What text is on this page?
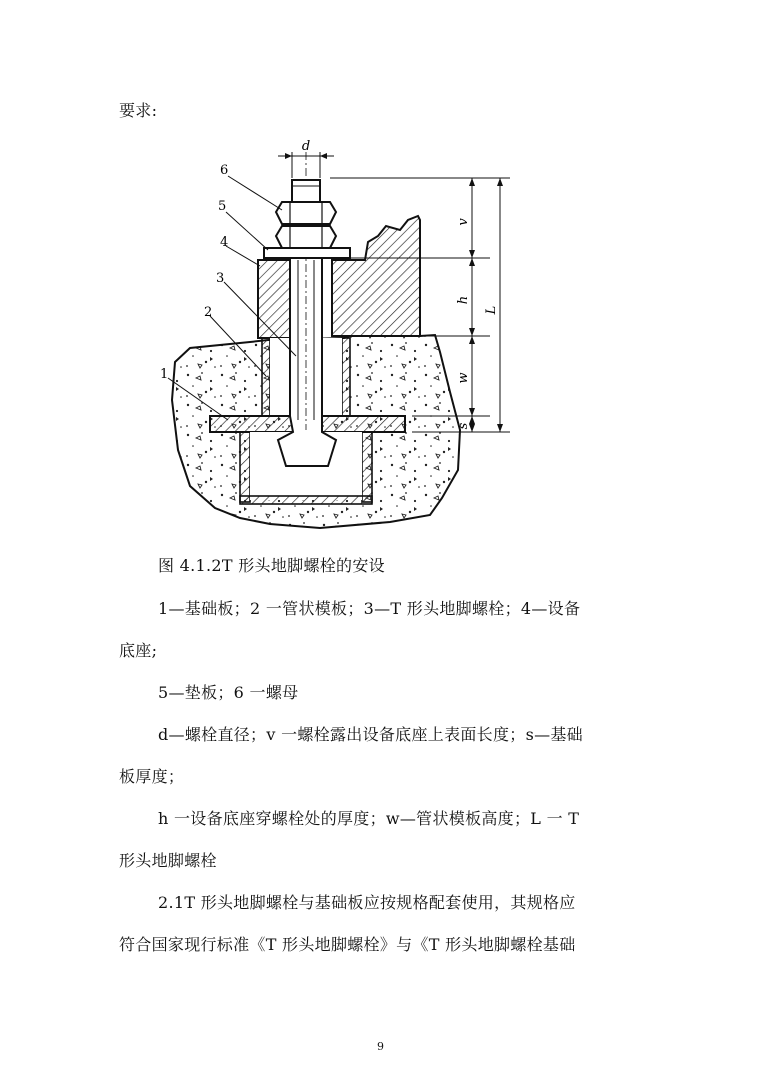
要求:
d
v
h
w
s
L
6
5
4
3
2
1
图 4.1.2T 形头地脚螺栓的安设
1—基础板；2 一管状模板；3—T 形头地脚螺栓；4—设备
底座;
5—垫板；6 一螺母
d—螺栓直径；v 一螺栓露出设备底座上表面长度；s—基础
板厚度；
h 一设备底座穿螺栓处的厚度；w—管状模板高度；L 一 T
形头地脚螺栓
2.1T 形头地脚螺栓与基础板应按规格配套使用，其规格应
符合国家现行标准《T 形头地脚螺栓》与《T 形头地脚螺栓基础
9
